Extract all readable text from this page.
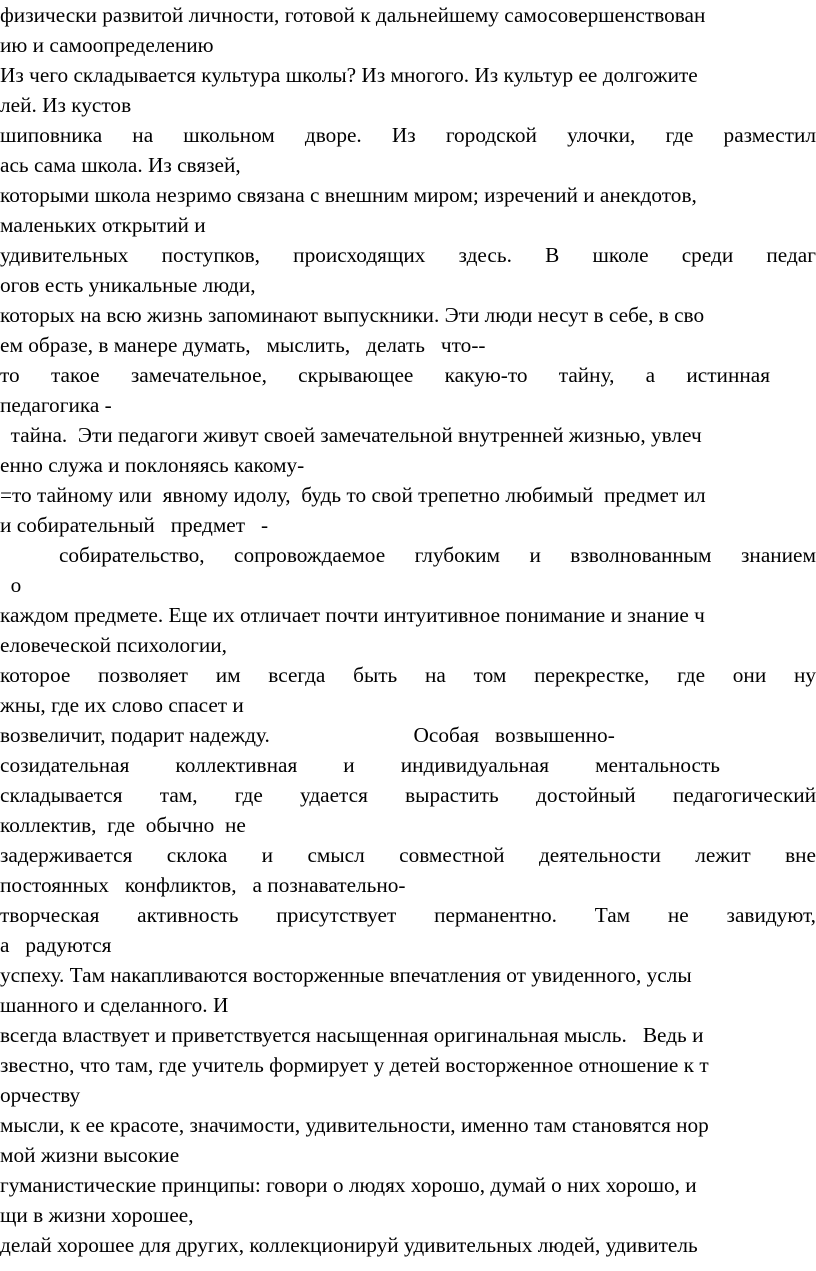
физически развитой личности, готовой к дальнейшему самосовершенствован
ию и самоопределению
Из чего складывается культура школы? Из многого. Из культур ее долгожите
лей. Из кустов
шиповника на школьном дворе. Из городской улочки, где разместил
ась сама школа. Из связей,
которыми школа незримо связана с внешним миром; изречений и анекдотов,
маленьких открытий и
удивительных поступков, происходящих здесь. В школе среди педаг
огов есть уникальные люди,
которых на всю жизнь запоминают выпускники. Эти люди несут в себе, в сво
ем образе, в манере думать,   мыслить,   делать   что--
то такое замечательное, скрывающее какую-то тайну, а истинная
педагогика -
тайна.  Эти педагоги живут своей замечательной внутренней жизнью, увлеч
енно служа и поклоняясь какому-
=то тайному или  явному идолу,  будь то свой трепетно любимый  предмет ил
и собирательный   предмет   -
собирательство, сопровождаемое глубоким и взволнованным знанием
о
каждом предмете. Еще их отличает почти интуитивное понимание и знание ч
еловеческой психологии,
которое позволяет им всегда быть на том перекрестке, где они ну
жны, где их слово спасет и
возвеличит, подарит надежду.                           Особая   возвышенно-
созидательная коллективная и индивидуальная ментальность
складывается там, где удается вырастить достойный педагогический
коллектив,  где  обычно  не
задерживается склока и смысл совместной деятельности лежит вне
постоянных   конфликтов,   а познавательно-
творческая активность присутствует перманентно. Там не завидуют,
а   радуются
успеху. Там накапливаются восторженные впечатления от увиденного, услы
шанного и сделанного. И
всегда властвует и приветствуется насыщенная оригинальная мысль.   Ведь и
звестно, что там, где учитель формирует у детей восторженное отношение к т
орчеству
мысли, к ее красоте, значимости, удивительности, именно там становятся нор
мой жизни высокие
гуманистические принципы: говори о людях хорошо, думай о них хорошо, и
щи в жизни хорошее,
делай хорошее для других, коллекционируй удивительных людей, удивитель
